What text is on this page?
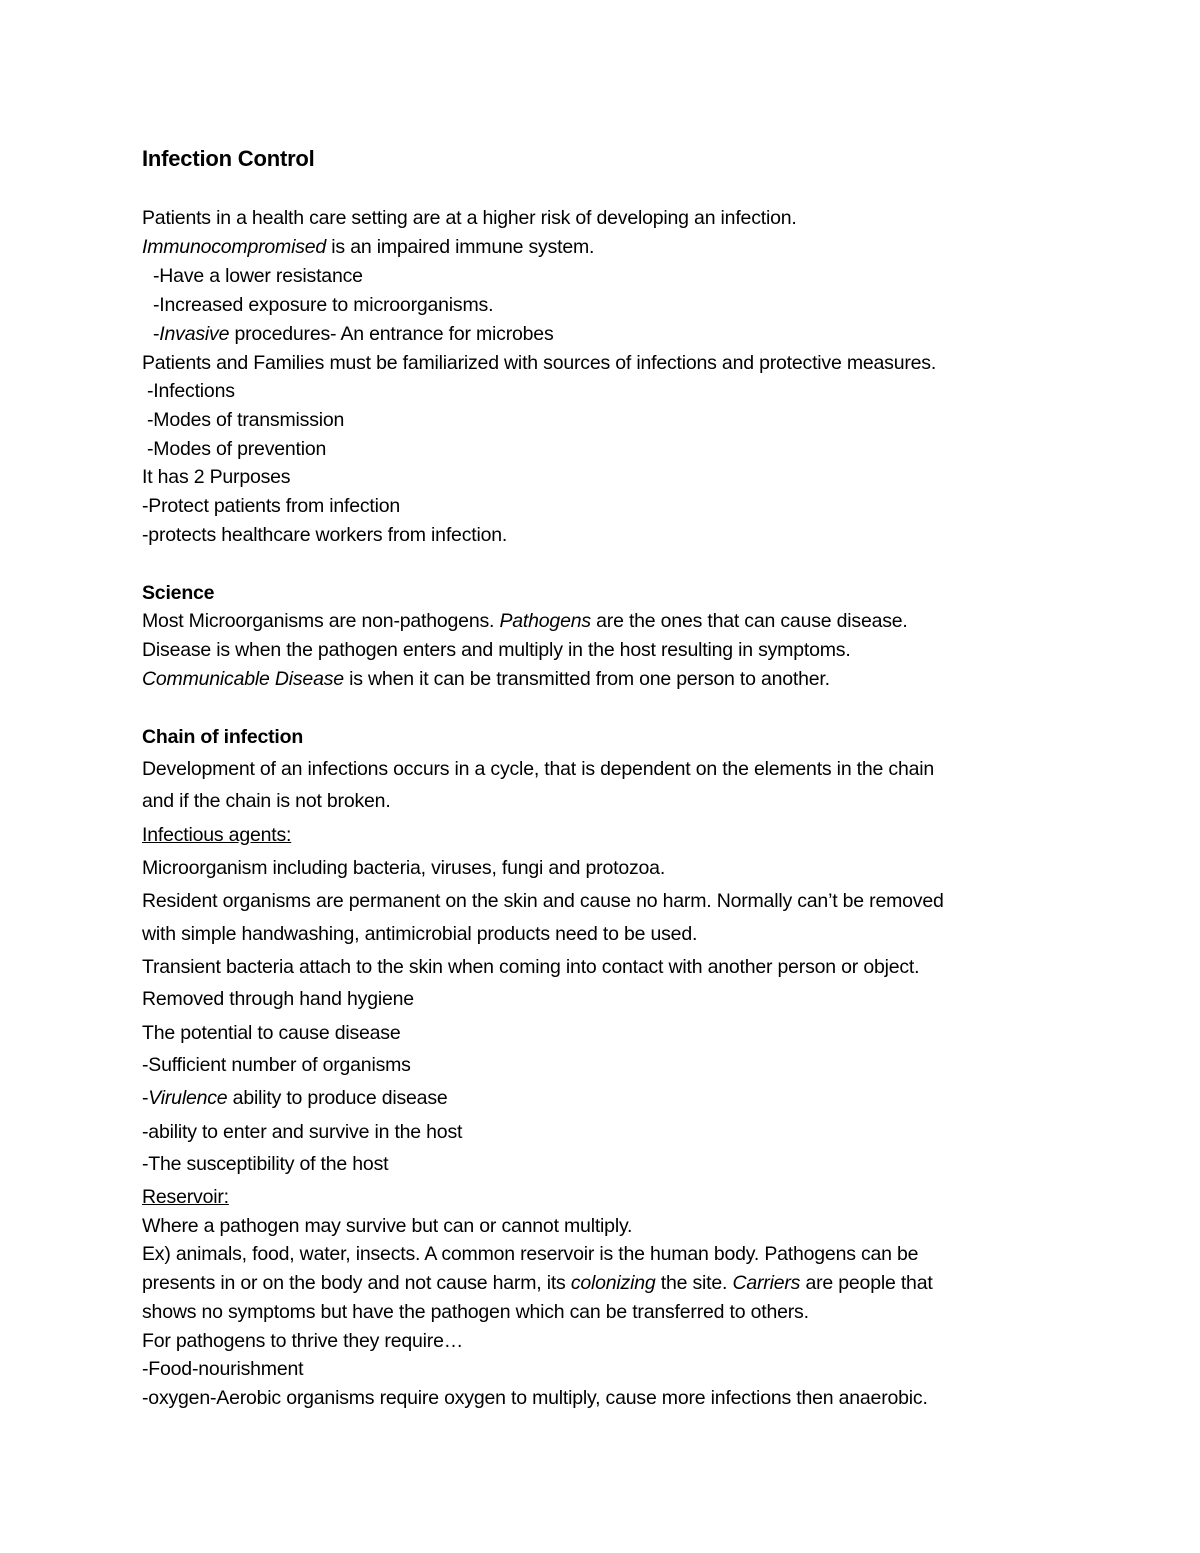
Infection Control
Patients in a health care setting are at a higher risk of developing an infection.
Immunocompromised is an impaired immune system.
-Have a lower resistance
-Increased exposure to microorganisms.
-Invasive procedures- An entrance for microbes
Patients and Families must be familiarized with sources of infections and protective measures.
-Infections
-Modes of transmission
-Modes of prevention
It has 2 Purposes
-Protect patients from infection
-protects healthcare workers from infection.
Science
Most Microorganisms are non-pathogens. Pathogens are the ones that can cause disease.
Disease is when the pathogen enters and multiply in the host resulting in symptoms.
Communicable Disease is when it can be transmitted from one person to another.
Chain of infection
Development of an infections occurs in a cycle, that is dependent on the elements in the chain
and if the chain is not broken.
Infectious agents:
Microorganism including bacteria, viruses, fungi and protozoa.
Resident organisms are permanent on the skin and cause no harm. Normally can’t be removed
with simple handwashing, antimicrobial products need to be used.
Transient bacteria attach to the skin when coming into contact with another person or object.
Removed through hand hygiene
The potential to cause disease
-Sufficient number of organisms
-Virulence ability to produce disease
-ability to enter and survive in the host
-The susceptibility of the host
Reservoir:
Where a pathogen may survive but can or cannot multiply.
Ex) animals, food, water, insects. A common reservoir is the human body. Pathogens can be
presents in or on the body and not cause harm, its colonizing the site. Carriers are people that
shows no symptoms but have the pathogen which can be transferred to others.
For pathogens to thrive they require…
-Food-nourishment
-oxygen-Aerobic organisms require oxygen to multiply, cause more infections then anaerobic.
